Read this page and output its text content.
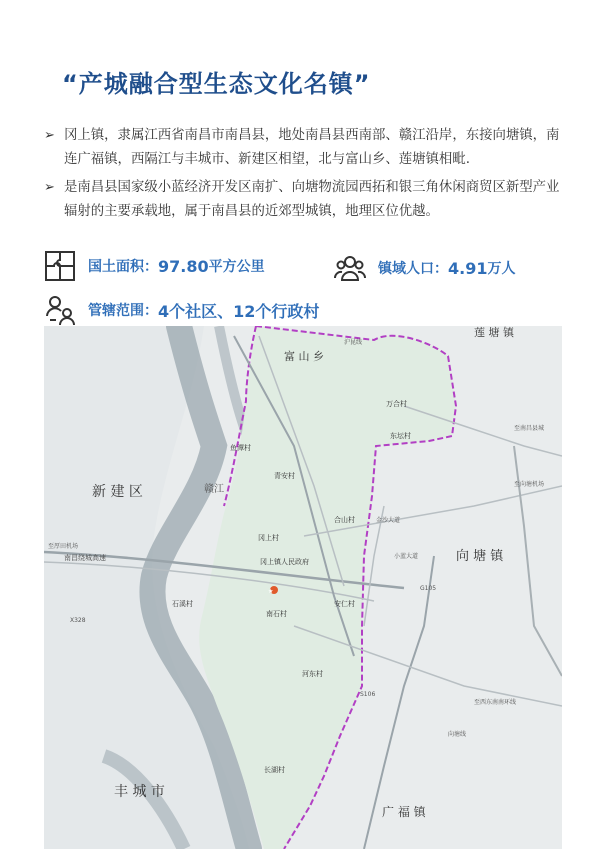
“产城融合型生态文化名镇”
➢ 冈上镇，隶属江西省南昌市南昌县，地处南昌县西南部、赣江沿岸，东接向塘镇，南连广福镇，西隔江与丰城市、新建区相望，北与富山乡、莲塘镇相毗.
➢ 是南昌县国家级小蓝经济开发区南扩、向塘物流园西拓和银三角休闲商贸区新型产业辐射的主要承载地，属于南昌县的近郊型城镇，地理区位优越。
国土面积： 97.80 平方公里	镇域人口： 4.91 万人
管辖范围： 4个社区、12个行政村
新 建 区
丰 城 市
富 山 乡
莲 塘 镇
向 塘 镇
广 福 镇
赣江
万合村
东坛村
鱼潭村
青安村
合山村
冈上村
冈上镇人民政府
石溪村
南石村
安仁村
河东村
长湖村
★
至厚田机场
南昌绕城高速
沪昆线
金沙大道
小蓝大道
至南昌县城
至向塘机场
G105
S106
X328
至西东南南环线
向塘线
